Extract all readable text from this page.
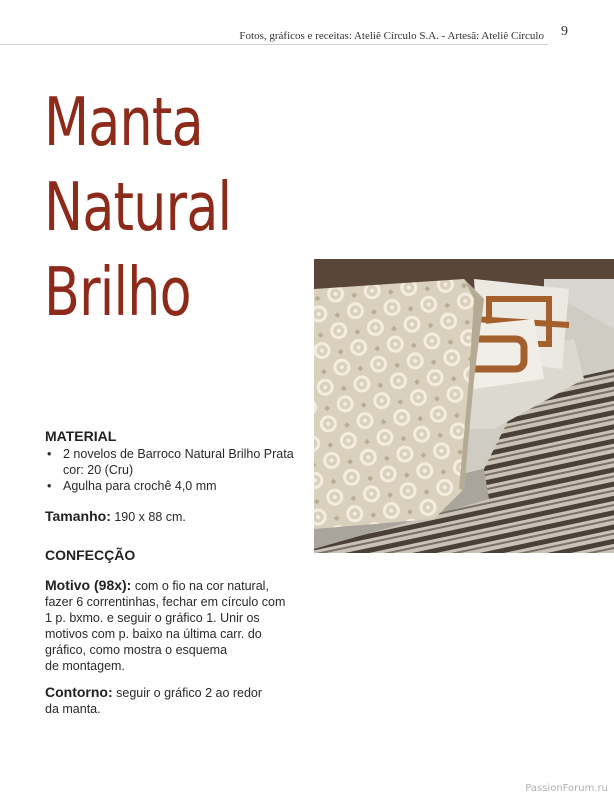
Fotos, gráficos e receitas: Ateliê Círculo S.A. - Artesã: Ateliê Círculo 9
Manta
Natural
Brilho

MATERIAL

• 2 novelos de Barroco Natural Brilho Prata
cor: 20 (Cru)
• Agulha para crochê 4,0 mm

Tamanho: 190 x 88 cm.

CONFECÇÃO

Motivo (98x): com o fio na cor natural,
fazer 6 correntinhas, fechar em círculo com
1 p. bxmo. e seguir o gráfico 1. Unir os
motivos com p. baixo na última carr. do
gráfico, como mostra o esquema
de montagem.

Contorno: seguir o gráfico 2 ao redor
da manta.

PassionForum.ru
